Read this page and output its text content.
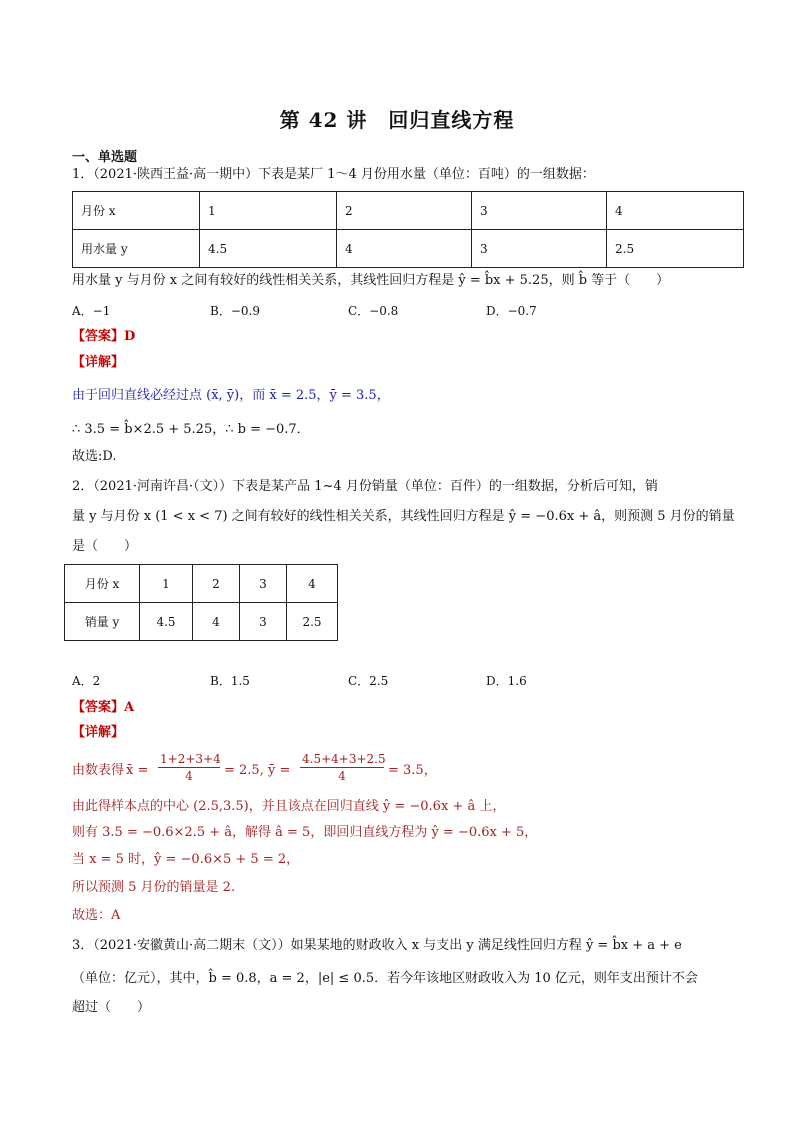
第 42 讲　回归直线方程
一、单选题
1．（2021·陕西王益·高一期中）下表是某厂 1～4 月份用水量（单位：百吨）的一组数据：
月份 x	1	2	3	4
用水量 y	4.5	4	3	2.5
用水量 y 与月份 x 之间有较好的线性相关关系，其线性回归方程是 ŷ = b̂x + 5.25，则 b̂ 等于（　　）
A．−1	B．−0.9	C．−0.8	D．−0.7
【答案】D
【详解】
由于回归直线必经过点 (x̄, ȳ)，而 x̄ = 2.5，ȳ = 3.5，
∴ 3.5 = b̂×2.5 + 5.25，∴ b = −0.7．
故选:D.
2．（2021·河南许昌·（文））下表是某产品 1~4 月份销量（单位：百件）的一组数据，分析后可知，销
量 y 与月份 x (1 < x < 7) 之间有较好的线性相关关系，其线性回归方程是 ŷ = −0.6x + â，则预测 5 月份的销量
是（　　）
月份 x	1	2	3	4
销量 y	4.5	4	3	2.5
A．2	B．1.5	C．2.5	D．1.6
【答案】A
【详解】
由数表得 x̄ =
1+2+3+4
4	= 2.5, ȳ =
4.5+4+3+2.5
4	= 3.5，
由此得样本点的中心 (2.5,3.5)，并且该点在回归直线 ŷ = −0.6x + â 上，
则有 3.5 = −0.6×2.5 + â，解得 â = 5，即回归直线方程为 ŷ = −0.6x + 5，
当 x = 5 时，ŷ = −0.6×5 + 5 = 2，
所以预测 5 月份的销量是 2.
故选：A
3．（2021·安徽黄山·高二期末（文））如果某地的财政收入 x 与支出 y 满足线性回归方程 ŷ = b̂x + a + e
（单位：亿元），其中，b̂ = 0.8，a = 2，|e| ≤ 0.5．若今年该地区财政收入为 10 亿元，则年支出预计不会
超过（　　）
